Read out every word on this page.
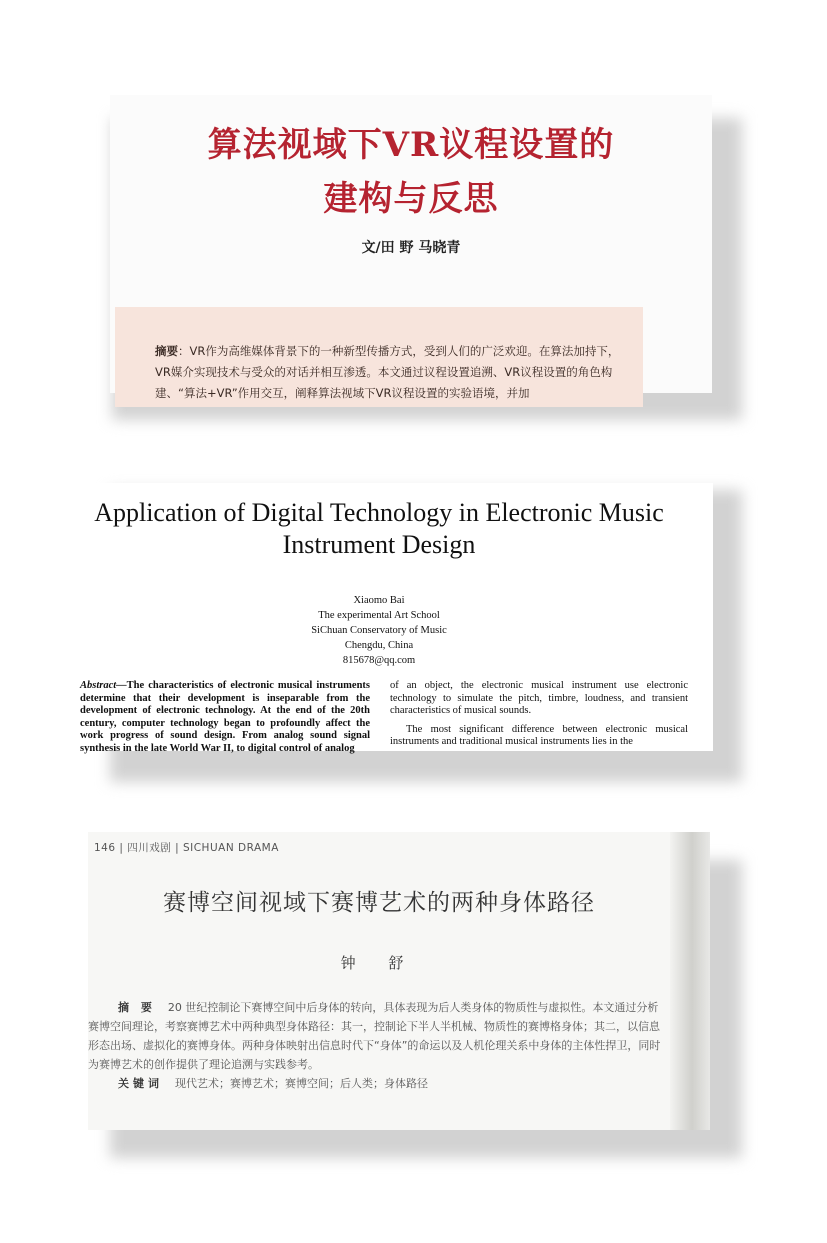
算法视域下VR议程设置的
建构与反思
文/田 野 马晓青

摘要：VR作为高维媒体背景下的一种新型传播方式，受到人们的广泛欢迎。在算法加持下，VR媒介实现技术与受众的对话并相互渗透。本文通过议程设置追溯、VR议程设置的角色构建、“算法+VR”作用交互，阐释算法视域下VR议程设置的实验语境，并加

Application of Digital Technology in Electronic Music Instrument Design
Xiaomo Bai
The experimental Art School
SiChuan Conservatory of Music
Chengdu, China
815678@qq.com
Abstract—The characteristics of electronic musical instruments determine that their development is inseparable from the development of electronic technology. At the end of the 20th century, computer technology began to profoundly affect the work progress of sound design. From analog sound signal synthesis in the late World War II, to digital control of analog

of an object, the electronic musical instrument use electronic technology to simulate the pitch, timbre, loudness, and transient characteristics of musical sounds.

The most significant difference between electronic musical instruments and traditional musical instruments lies in the

146 | 四川戏剧 | SICHUAN DRAMA
赛博空间视域下赛博艺术的两种身体路径
钟 舒

摘 要 20 世纪控制论下赛博空间中后身体的转向，具体表现为后人类身体的物质性与虚拟性。本文通过分析赛博空间理论，考察赛博艺术中两种典型身体路径：其一，控制论下半人半机械、物质性的赛博格身体；其二，以信息形态出场、虚拟化的赛博身体。两种身体映射出信息时代下“身体”的命运以及人机伦理关系中身体的主体性捍卫，同时为赛博艺术的创作提供了理论追溯与实践参考。

关键词 现代艺术；赛博艺术；赛博空间；后人类；身体路径
